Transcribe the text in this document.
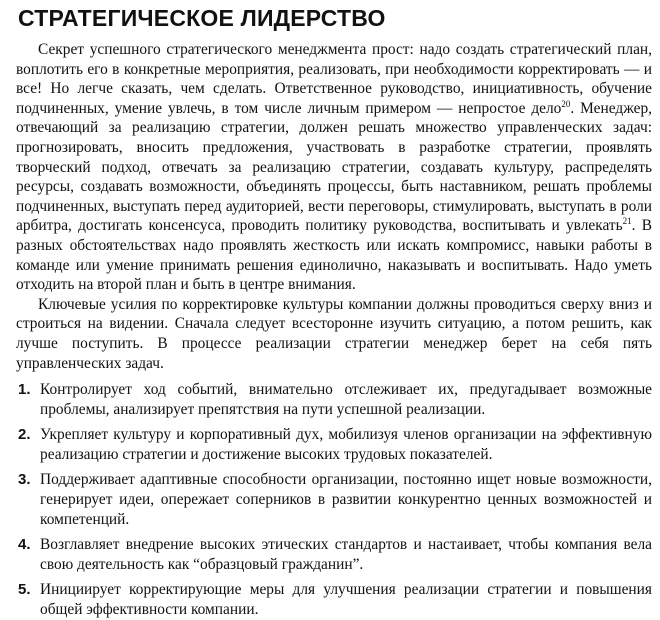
СТРАТЕГИЧЕСКОЕ ЛИДЕРСТВО

Секрет успешного стратегического менеджмента прост: надо создать стратегический план, воплотить его в конкретные мероприятия, реализовать, при необходимости корректировать — и все! Но легче сказать, чем сделать. Ответственное руководство, инициативность, обучение подчиненных, умение увлечь, в том числе личным примером — непростое дело$^{20}$. Менеджер, отвечающий за реализацию стратегии, должен решать множество управленческих задач: прогнозировать, вносить предложения, участвовать в разработке стратегии, проявлять творческий подход, отвечать за реализацию стратегии, создавать культуру, распределять ресурсы, создавать возможности, объединять процессы, быть наставником, решать проблемы подчиненных, выступать перед аудиторией, вести переговоры, стимулировать, выступать в роли арбитра, достигать консенсуса, проводить политику руководства, воспитывать и увлекать$^{21}$. В разных обстоятельствах надо проявлять жесткость или искать компромисс, навыки работы в команде или умение принимать решения единолично, наказывать и воспитывать. Надо уметь отходить на второй план и быть в центре внимания.

Ключевые усилия по корректировке культуры компании должны проводиться сверху вниз и строиться на видении. Сначала следует всесторонне изучить ситуацию, а потом решить, как лучше поступить. В процессе реализации стратегии менеджер берет на себя пять управленческих задач.

1. Контролирует ход событий, внимательно отслеживает их, предугадывает возможные проблемы, анализирует препятствия на пути успешной реализации.
2. Укрепляет культуру и корпоративный дух, мобилизуя членов организации на эффективную реализацию стратегии и достижение высоких трудовых показателей.
3. Поддерживает адаптивные способности организации, постоянно ищет новые возможности, генерирует идеи, опережает соперников в развитии конкурентно ценных возможностей и компетенций.
4. Возглавляет внедрение высоких этических стандартов и настаивает, чтобы компания вела свою деятельность как “образцовый гражданин”.
5. Инициирует корректирующие меры для улучшения реализации стратегии и повышения общей эффективности компании.
